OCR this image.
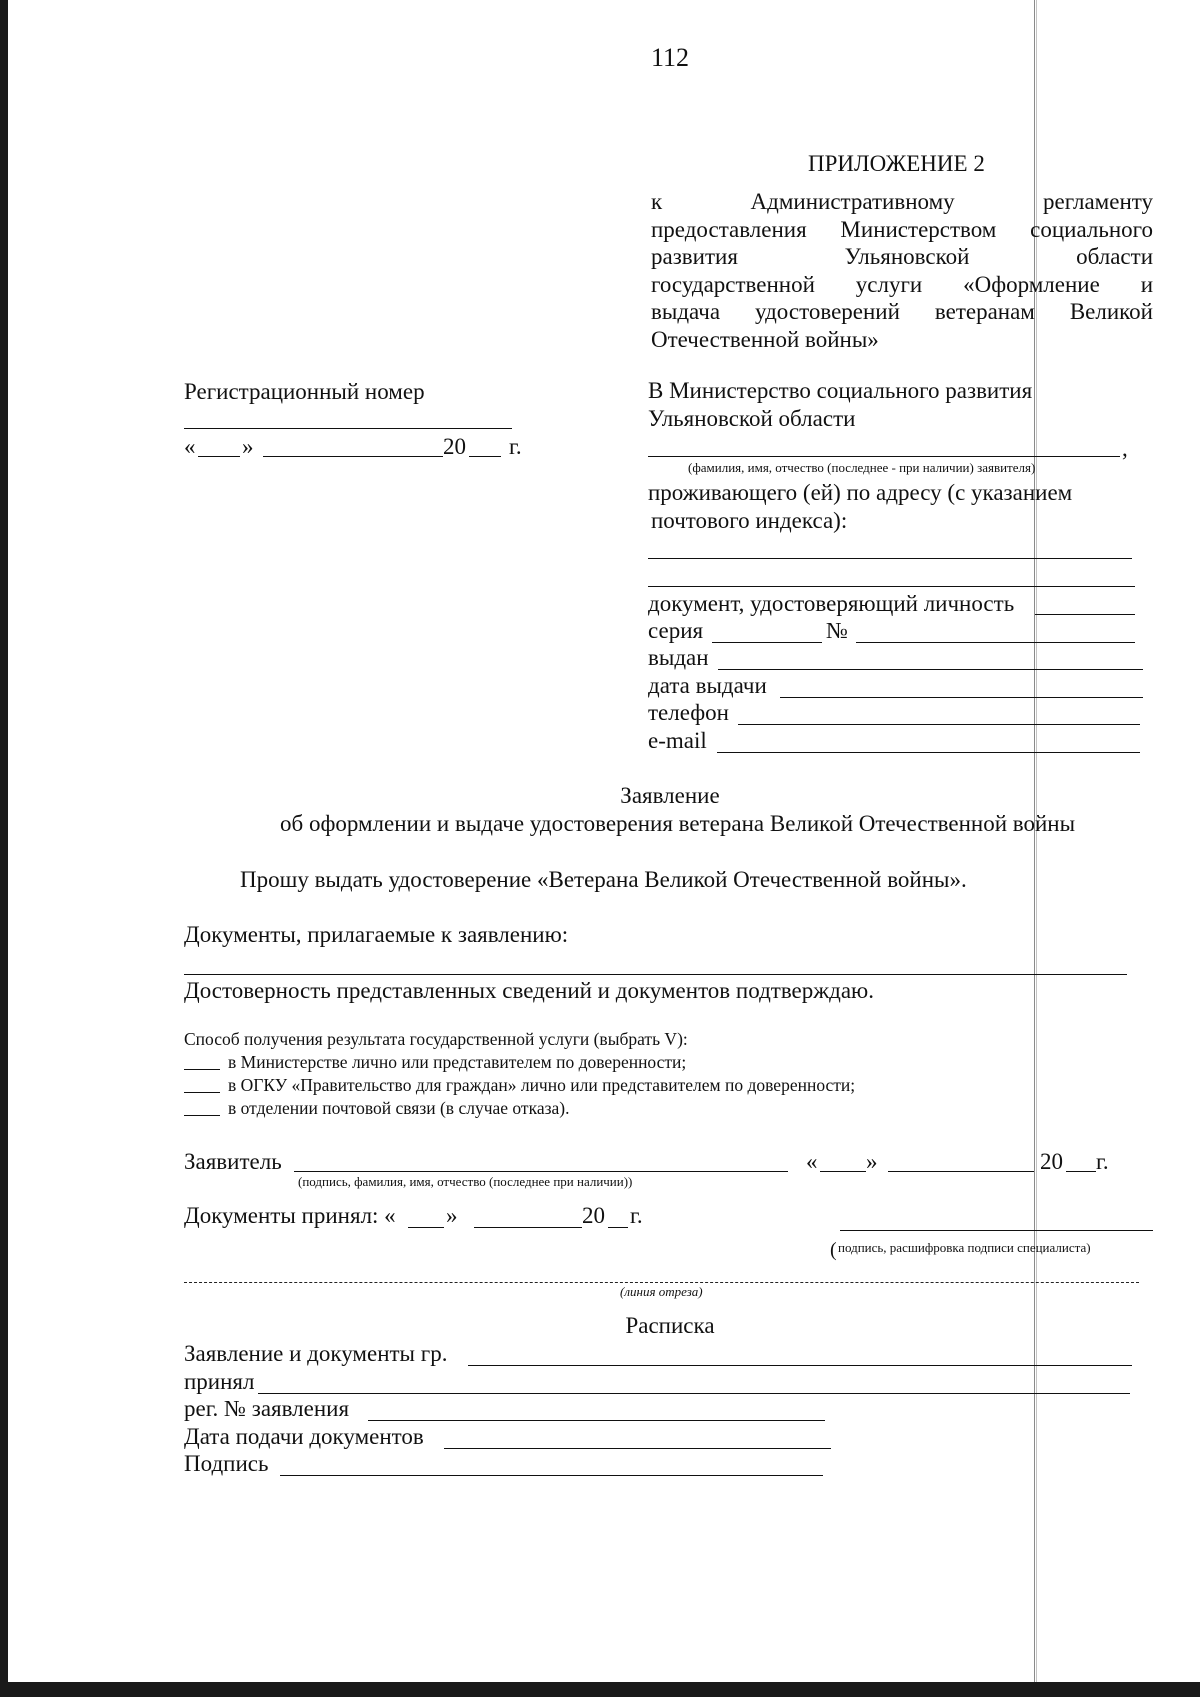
112
ПРИЛОЖЕНИЕ 2
к Административному регламенту
предоставления Министерством социального
развития Ульяновской области
государственной услуги «Оформление и
выдача удостоверений ветеранам Великой
Отечественной войны»
Регистрационный номер
« »	20 г.
В Министерство социального развития
Ульяновской области
,
(фамилия, имя, отчество (последнее - при наличии) заявителя)
проживающего (ей) по адресу (с указанием
почтового индекса):
документ, удостоверяющий личность
серия	№
выдан
дата выдачи
телефон
e-mail
Заявление
об оформлении и выдаче удостоверения ветерана Великой Отечественной войны
Прошу выдать удостоверение «Ветерана Великой Отечественной войны».
Документы, прилагаемые к заявлению:
Достоверность представленных сведений и документов подтверждаю.
Способ получения результата государственной услуги (выбрать V):
в Министерстве лично или представителем по доверенности;
в ОГКУ «Правительство для граждан» лично или представителем по доверенности;
в отделении почтовой связи (в случае отказа).
Заявитель
(подпись, фамилия, имя, отчество (последнее при наличии))
« »	20 г.
Документы принял: « »	20 г.
( подпись, расшифровка подписи специалиста)
(линия отреза)
Расписка
Заявление и документы гр.
принял
рег. № заявления
Дата подачи документов
Подпись
